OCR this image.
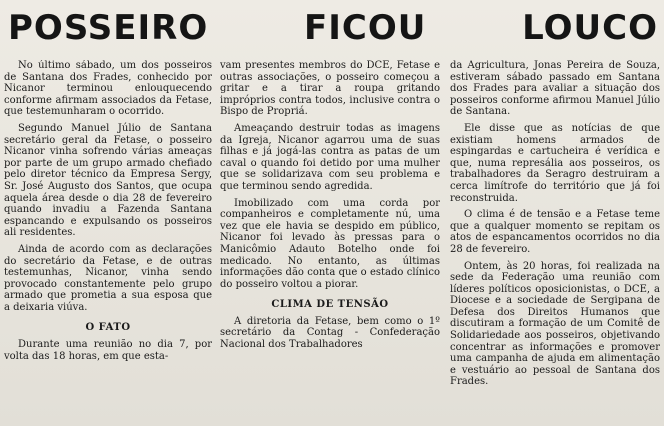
POSSEIRO	FICOU	LOUCO

No último sábado, um dos posseiros de Santana dos Frades, conhecido por Nicanor terminou enlouquecendo conforme afirmam associados da Fetase, que testemunharam o ocorrido.

Segundo Manuel Júlio de Santana secretário geral da Fetase, o posseiro Nicanor vinha sofrendo várias ameaças por parte de um grupo armado chefiado pelo diretor técnico da Empresa Sergy, Sr. José Augusto dos Santos, que ocupa aquela área desde o dia 28 de fevereiro quando invadiu a Fazenda Santana espancando e expulsando os posseiros ali residentes.

Ainda de acordo com as declarações do secretário da Fetase, e de outras testemunhas, Nicanor, vinha sendo provocado constantemente pelo grupo armado que prometia a sua esposa que a deixaria viúva.

O FATO

Durante uma reunião no dia 7, por volta das 18 horas, em que esta-

vam presentes membros do DCE, Fetase e outras associações, o posseiro começou a gritar e a tirar a roupa gritando impróprios contra todos, inclusive contra o Bispo de Propriá.

Ameaçando destruir todas as imagens da Igreja, Nicanor agarrou uma de suas filhas e já jogá-las contra as patas de um caval o quando foi detido por uma mulher que se solidarizava com seu problema e que terminou sendo agredida.

Imobilizado com uma corda por companheiros e completamente nú, uma vez que ele havia se despido em público, Nicanor foi levado às pressas para o Manicômio Adauto Botelho onde foi medicado. No entanto, as últimas informações dão conta que o estado clínico do posseiro voltou a piorar.

CLIMA DE TENSÃO

A diretoria da Fetase, bem como o 1º secretário da Contag - Confederação Nacional dos Trabalhadores

da Agricultura, Jonas Pereira de Souza, estiveram sábado passado em Santana dos Frades para avaliar a situação dos posseiros conforme afirmou Manuel Júlio de Santana.

Ele disse que as notícias de que existiam homens armados de espingardas e cartucheira é verídica e que, numa represália aos posseiros, os trabalhadores da Seragro destruiram a cerca limítrofe do território que já foi reconstruida.

O clima é de tensão e a Fetase teme que a qualquer momento se repitam os atos de espancamentos ocorridos no dia 28 de fevereiro.

Ontem, às 20 horas, foi realizada na sede da Federação uma reunião com líderes políticos oposicionistas, o DCE, a Diocese e a sociedade de Sergipana de Defesa dos Direitos Humanos que discutiram a formação de um Comitê de Solidariedade aos posseiros, objetivando concentrar as informações e promover uma campanha de ajuda em alimentação e vestuário ao pessoal de Santana dos Frades.
